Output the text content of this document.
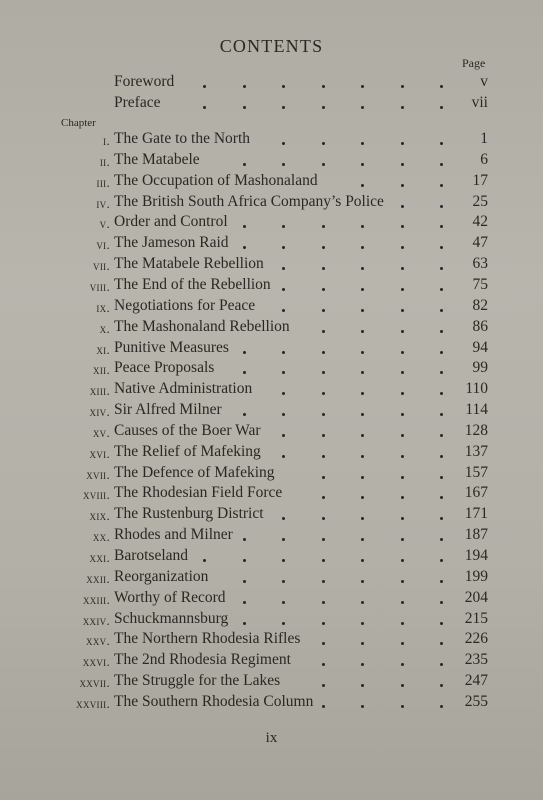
CONTENTS
Page
Chapter
Foreword	v
Preface	vii
i. The Gate to the North	1
ii. The Matabele	6
iii. The Occupation of Mashonaland	17
iv. The British South Africa Company’s Police	25
v. Order and Control	42
vi. The Jameson Raid	47
vii. The Matabele Rebellion	63
viii. The End of the Rebellion	75
ix. Negotiations for Peace	82
x. The Mashonaland Rebellion	86
xi. Punitive Measures	94
xii. Peace Proposals	99
xiii. Native Administration	110
xiv. Sir Alfred Milner	114
xv. Causes of the Boer War	128
xvi. The Relief of Mafeking	137
xvii. The Defence of Mafeking	157
xviii. The Rhodesian Field Force	167
xix. The Rustenburg District	171
xx. Rhodes and Milner	187
xxi. Barotseland	194
xxii. Reorganization	199
xxiii. Worthy of Record	204
xxiv. Schuckmannsburg	215
xxv. The Northern Rhodesia Rifles	226
xxvi. The 2nd Rhodesia Regiment	235
xxvii. The Struggle for the Lakes	247
xxviii. The Southern Rhodesia Column	255
ix
